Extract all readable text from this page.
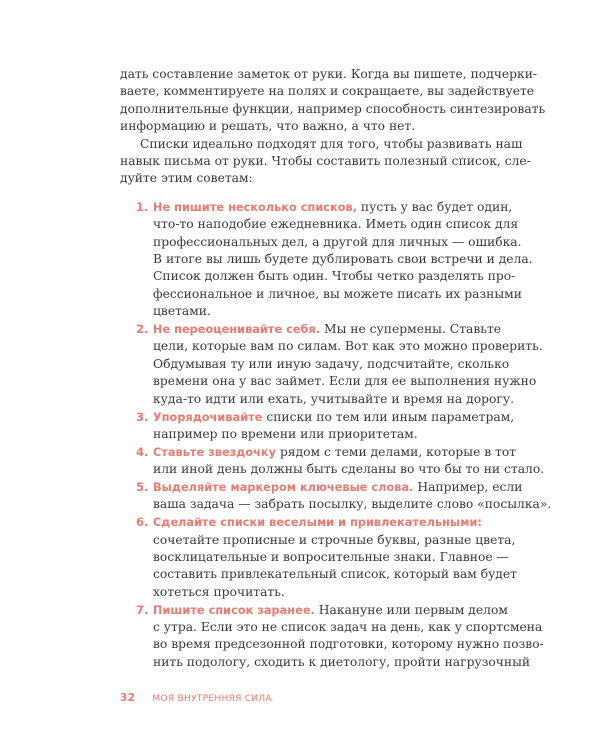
дать составление заметок от руки. Когда вы пишете, подчерки-
ваете, комментируете на полях и сокращаете, вы задействуете
дополнительные функции, например способность синтезировать
информацию и решать, что важно, а что нет.
Списки идеально подходят для того, чтобы развивать наш
навык письма от руки. Чтобы составить полезный список, сле-
дуйте этим советам:
1. Не пишите несколько списков, пусть у вас будет один,
что-то наподобие ежедневника. Иметь один список для
профессиональных дел, а другой для личных — ошибка.
В итоге вы лишь будете дублировать свои встречи и дела.
Список должен быть один. Чтобы четко разделять про-
фессиональное и личное, вы можете писать их разными
цветами.
2. Не переоценивайте себя. Мы не супермены. Ставьте
цели, которые вам по силам. Вот как это можно проверить.
Обдумывая ту или иную задачу, подсчитайте, сколько
времени она у вас займет. Если для ее выполнения нужно
куда-то идти или ехать, учитывайте и время на дорогу.
3. Упорядочивайте списки по тем или иным параметрам,
например по времени или приоритетам.
4. Ставьте звездочку рядом с теми делами, которые в тот
или иной день должны быть сделаны во что бы то ни стало.
5. Выделяйте маркером ключевые слова. Например, если
ваша задача — забрать посылку, выделите слово «посылка».
6. Сделайте списки веселыми и привлекательными:
сочетайте прописные и строчные буквы, разные цвета,
восклицательные и вопросительные знаки. Главное —
составить привлекательный список, который вам будет
хотеться прочитать.
7. Пишите список заранее. Накануне или первым делом
с утра. Если это не список задач на день, как у спортсмена
во время предсезонной подготовки, которому нужно позво-
нить подологу, сходить к диетологу, пройти нагрузочный
32 МОЯ ВНУТРЕННЯЯ СИЛА
